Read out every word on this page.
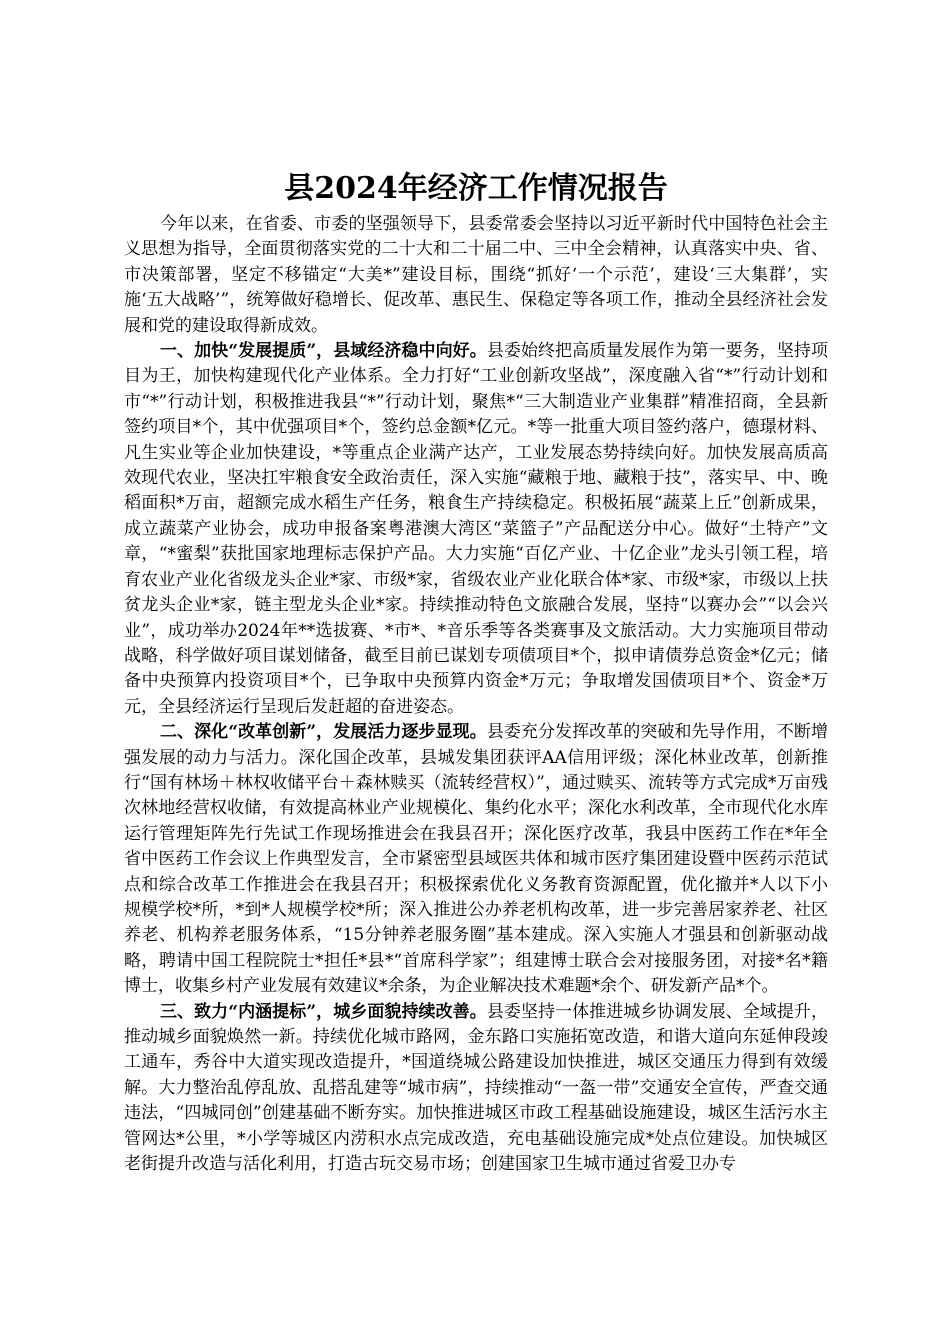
县2024年经济工作情况报告

今年以来，在省委、市委的坚强领导下，县委常委会坚持以习近平新时代中国特色社会主义思想为指导，全面贯彻落实党的二十大和二十届二中、三中全会精神，认真落实中央、省、市决策部署，坚定不移锚定“大美*”建设目标，围绕“抓好‘一个示范’，建设‘三大集群’，实施‘五大战略’”，统筹做好稳增长、促改革、惠民生、保稳定等各项工作，推动全县经济社会发展和党的建设取得新成效。

一、加快“发展提质”，县域经济稳中向好。县委始终把高质量发展作为第一要务，坚持项目为王，加快构建现代化产业体系。全力打好“工业创新攻坚战”，深度融入省“*”行动计划和市“*”行动计划，积极推进我县“*”行动计划，聚焦*“三大制造业产业集群”精准招商，全县新签约项目*个，其中优强项目*个，签约总金额*亿元。*等一批重大项目签约落户，德璟材料、凡生实业等企业加快建设，*等重点企业满产达产，工业发展态势持续向好。加快发展高质高效现代农业，坚决扛牢粮食安全政治责任，深入实施“藏粮于地、藏粮于技”，落实早、中、晚稻面积*万亩，超额完成水稻生产任务，粮食生产持续稳定。积极拓展“蔬菜上丘”创新成果，成立蔬菜产业协会，成功申报备案粤港澳大湾区“菜篮子”产品配送分中心。做好“土特产”文章，“*蜜梨”获批国家地理标志保护产品。大力实施“百亿产业、十亿企业”龙头引领工程，培育农业产业化省级龙头企业*家、市级*家，省级农业产业化联合体*家、市级*家，市级以上扶贫龙头企业*家，链主型龙头企业*家。持续推动特色文旅融合发展，坚持“以赛办会”“以会兴业”，成功举办2024年**选拔赛、*市*、*音乐季等各类赛事及文旅活动。大力实施项目带动战略，科学做好项目谋划储备，截至目前已谋划专项债项目*个，拟申请债券总资金*亿元；储备中央预算内投资项目*个，已争取中央预算内资金*万元；争取增发国债项目*个、资金*万元，全县经济运行呈现后发赶超的奋进姿态。

二、深化“改革创新”，发展活力逐步显现。县委充分发挥改革的突破和先导作用，不断增强发展的动力与活力。深化国企改革，县城发集团获评AA信用评级；深化林业改革，创新推行“国有林场＋林权收储平台＋森林赎买（流转经营权）”，通过赎买、流转等方式完成*万亩残次林地经营权收储，有效提高林业产业规模化、集约化水平；深化水利改革，全市现代化水库运行管理矩阵先行先试工作现场推进会在我县召开；深化医疗改革，我县中医药工作在*年全省中医药工作会议上作典型发言，全市紧密型县域医共体和城市医疗集团建设暨中医药示范试点和综合改革工作推进会在我县召开；积极探索优化义务教育资源配置，优化撤并*人以下小规模学校*所，*到*人规模学校*所；深入推进公办养老机构改革，进一步完善居家养老、社区养老、机构养老服务体系，“15分钟养老服务圈”基本建成。深入实施人才强县和创新驱动战略，聘请中国工程院院士*担任*县*“首席科学家”；组建博士联合会对接服务团，对接*名*籍博士，收集乡村产业发展有效建议*余条，为企业解决技术难题*余个、研发新产品*个。

三、致力“内涵提标”，城乡面貌持续改善。县委坚持一体推进城乡协调发展、全域提升，推动城乡面貌焕然一新。持续优化城市路网，金东路口实施拓宽改造，和谐大道向东延伸段竣工通车，秀谷中大道实现改造提升，*国道绕城公路建设加快推进，城区交通压力得到有效缓解。大力整治乱停乱放、乱搭乱建等“城市病”，持续推动“一盔一带”交通安全宣传，严查交通违法，“四城同创”创建基础不断夯实。加快推进城区市政工程基础设施建设，城区生活污水主管网达*公里，*小学等城区内涝积水点完成改造，充电基础设施完成*处点位建设。加快城区老街提升改造与活化利用，打造古玩交易市场；创建国家卫生城市通过省爱卫办专
